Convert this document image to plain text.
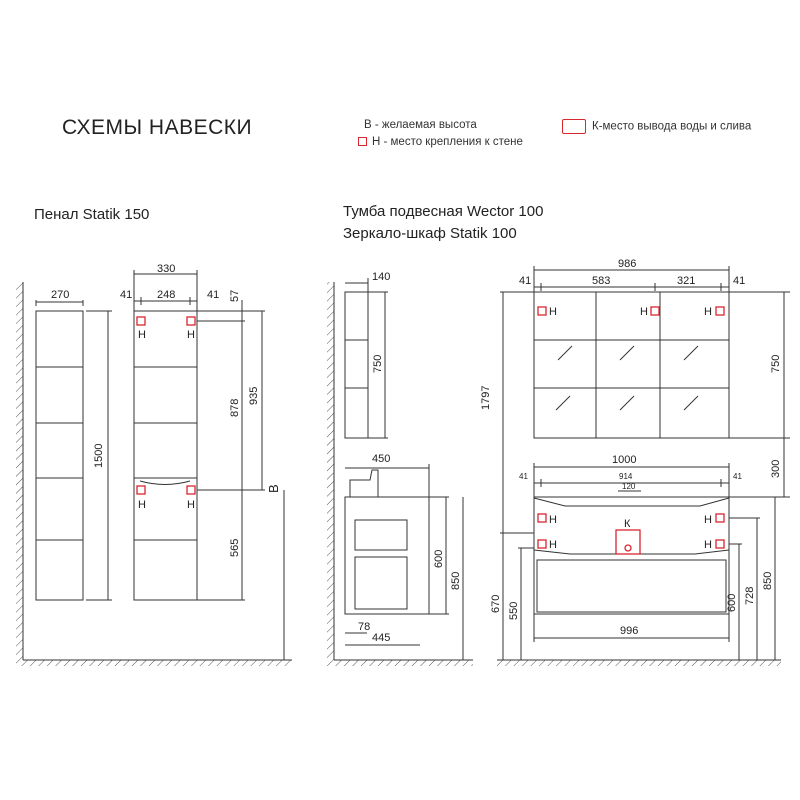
СХЕМЫ НАВЕСКИ	В - желаемая высота
Н - место крепления к стене
К-место вывода воды и слива
Пенал Statik 150	Тумба подвесная Wector 100
Зеркало-шкаф Statik 100
Н	Н
Н	Н
Н	Н	Н
Н	Н
Н	Н
К
В
270
1500
330
41 248	41 57
878
935
565
140
750
1797
450
600
850
78
445
986
41	583	321	41
750
300
1000
41	914	41
120
996
670 550	600 728
850
